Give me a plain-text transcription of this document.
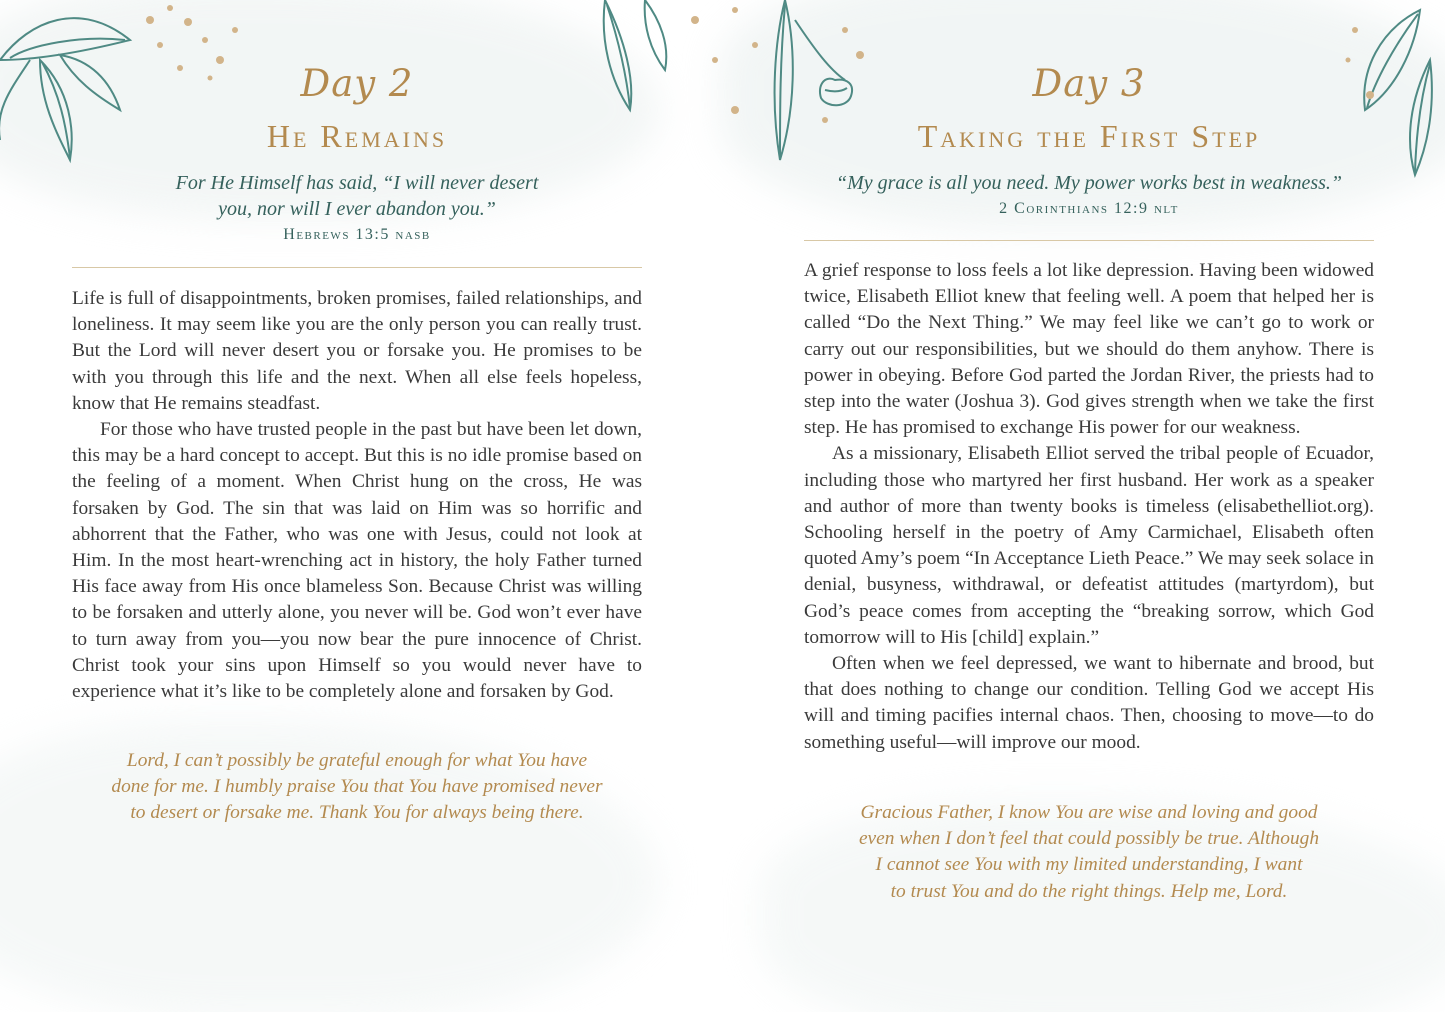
Day 2
He Remains
For He Himself has said, “I will never desert
you, nor will I ever abandon you.”
Hebrews 13:5 nasb

Life is full of disappointments, broken promises, failed relationships, and loneliness. It may seem like you are the only person you can really trust. But the Lord will never desert you or forsake you. He promises to be with you through this life and the next. When all else feels hopeless, know that He remains steadfast.

For those who have trusted people in the past but have been let down, this may be a hard concept to accept. But this is no idle promise based on the feeling of a moment. When Christ hung on the cross, He was forsaken by God. The sin that was laid on Him was so horrific and abhorrent that the Father, who was one with Jesus, could not look at Him. In the most heart-wrenching act in history, the holy Father turned His face away from His once blameless Son. Because Christ was willing to be forsaken and utterly alone, you never will be. God won’t ever have to turn away from you—you now bear the pure innocence of Christ. Christ took your sins upon Himself so you would never have to experience what it’s like to be completely alone and forsaken by God.

Lord, I can’t possibly be grateful enough for what You have
done for me. I humbly praise You that You have promised never
to desert or forsake me. Thank You for always being there.
Day 3
Taking the First Step
“My grace is all you need. My power works best in weakness.”
2 Corinthians 12:9 nlt

A grief response to loss feels a lot like depression. Having been widowed twice, Elisabeth Elliot knew that feeling well. A poem that helped her is called “Do the Next Thing.” We may feel like we can’t go to work or carry out our responsibilities, but we should do them anyhow. There is power in obeying. Before God parted the Jordan River, the priests had to step into the water (Joshua 3). God gives strength when we take the first step. He has promised to exchange His power for our weakness.

As a missionary, Elisabeth Elliot served the tribal people of Ecuador, including those who martyred her first husband. Her work as a speaker and author of more than twenty books is timeless (elisabethelliot.org). Schooling herself in the poetry of Amy Carmichael, Elisabeth often quoted Amy’s poem “In Acceptance Lieth Peace.” We may seek solace in denial, busyness, withdrawal, or defeatist attitudes (martyrdom), but God’s peace comes from accepting the “breaking sorrow, which God tomorrow will to His [child] explain.”

Often when we feel depressed, we want to hibernate and brood, but that does nothing to change our condition. Telling God we accept His will and timing pacifies internal chaos. Then, choosing to move—to do something useful—will improve our mood.

Gracious Father, I know You are wise and loving and good
even when I don’t feel that could possibly be true. Although
I cannot see You with my limited understanding, I want
to trust You and do the right things. Help me, Lord.
